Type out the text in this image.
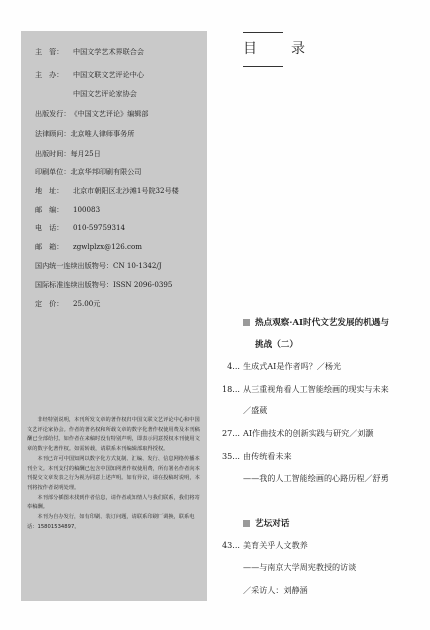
主　管： 中国文学艺术界联合会
主　办： 中国文联文艺评论中心
中国文艺评论家协会
出版发行：《中国文艺评论》编辑部
法律顾问：北京唯人律师事务所
出版时间：每月25日
印刷单位：北京华邦印刷有限公司
地　址： 北京市朝阳区北沙滩1号院32号楼
邮　编： 100083
电　话： 010-59759314
邮　箱： zgwlplzx@126.com
国内统一连续出版物号：CN 10-1342/J
国际标准连续出版物号：ISSN 2096-0395
定　价： 25.00元

非经特别说明，本刊所发文章的著作权归中国文联文艺评论中心和中国文艺评论家协会。作者的著名权和所载文章的数字化著作权使用费及本刊稿酬已全部给付。如作者在来稿时没有特别声明，即表示同意授权本刊使用文章的数字化著作权。如需转载，请联系本刊编辑部取得授权。

本刊已许可中国知网以数字化方式复制、汇编、发行、信息网络传播本刊全文。本刊支付的稿酬已包含中国知网著作权使用费，所有署名作者向本刊提交文章发表之行为视为同意上述声明。如有异议，请在投稿时说明，本刊将按作者说明处理。

本刊部分插图未找到作者信息，请作者或知情人与我们联系，我们将寄奉稿酬。

本刊为自办发行，如有印刷、装订问题，请联系印刷厂调换，联系电话：15801534897。

目　录
热点观察·AI时代文艺发展的机遇与
挑战（二）
4... 生成式AI是作者吗？／杨光
18... 从三重视角看人工智能绘画的现实与未来
／盛葳
27... AI作曲技术的创新实践与研究／刘灏
35... 由传统看未来
——我的人工智能绘画的心路历程／舒勇
艺坛对话
43... 美育关乎人文教养
——与南京大学周宪教授的访谈
／采访人：刘静涵
